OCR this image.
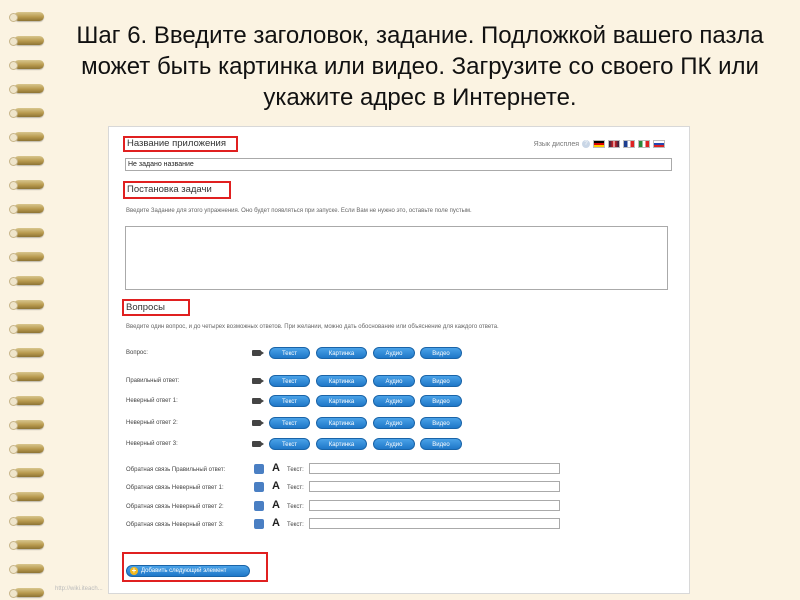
Шаг 6. Введите заголовок, задание. Подложкой вашего пазла может быть картинка или видео. Загрузите со своего ПК или укажите адрес в Интернете.
Язык дисплея ?
Название приложения
Не задано название
Постановка задачи
Введите Задание для этого упражнения. Оно будет появляться при запуске. Если Вам не нужно это, оставьте поле пустым.
Вопросы
Введите один вопрос, и до четырех возможных ответов. При желании, можно дать обоснование или объяснение для каждого ответа.
Вопрос:	Текст	Картинка	Аудио	Видео
Правильный ответ:	Текст	Картинка	Аудио	Видео
Неверный ответ 1:	Текст	Картинка	Аудио	Видео
Неверный ответ 2:	Текст	Картинка	Аудио	Видео
Неверный ответ 3:	Текст	Картинка	Аудио	Видео
Обратная связь Правильный ответ:	A Текст:
Обратная связь Неверный ответ 1:	A Текст:
Обратная связь Неверный ответ 2:	A Текст:
Обратная связь Неверный ответ 3:	A Текст:
+ Добавить следующий элемент
http://wiki.iteach...
